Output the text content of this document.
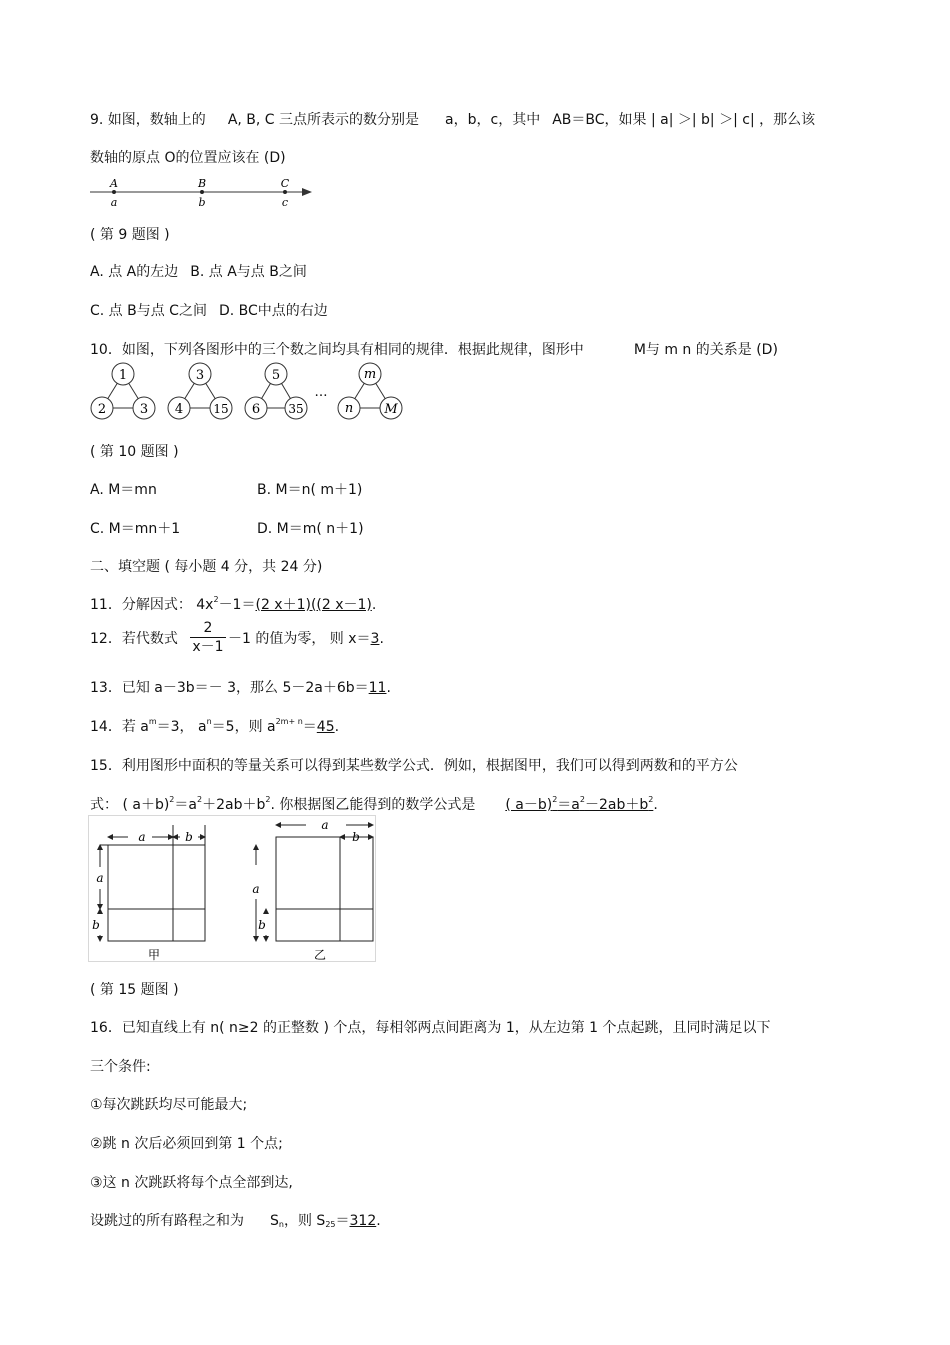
9. 如图，数轴上的 A, B, C 三点所表示的数分别是 a，b，c，其中 AB＝BC，如果 | a| ＞| b| ＞| c| ，那么该
数轴的原点 O的位置应该在 (D)
A	B	C
a	b	c
( 第 9 题图 )
A. 点 A的左边 B. 点 A与点 B之间
C. 点 B与点 C之间 D. BC中点的右边
10．如图，下列各图形中的三个数之间均具有相同的规律．根据此规律，图形中	M与 m n 的关系是 (D)
1
2	3
3
4	15
5
6 35
…
m
n M
( 第 10 题图 )
A. M＝mn	B. M＝n( m＋1)
C. M＝mn＋1	D. M＝m( n＋1)
二、填空题 ( 每小题 4 分，共 24 分)
11．分解因式： $4x^2-1=(2$ x＋1)((2 x－1).
12．若代数式
2
x－1 －1 的值为零， 则 x＝3.
13．已知 a－3b＝－ 3，那么 5－2a＋6b＝11.
14．若 $a^m=3$， $a^n=5$，则 $a^{2m+ n}=45$.
15．利用图形中面积的等量关系可以得到某些数学公式．例如，根据图甲，我们可以得到两数和的平方公
式： ( $a+b)^2=a^2+2ab+b^2$. 你根据图乙能得到的数学公式是 ( $a-b)^2=a^2-2ab+b^2$.
a	b
a
b
甲
a
b
a
b
乙
( 第 15 题图 )
16．已知直线上有 n( n≥2 的正整数 ) 个点，每相邻两点间距离为 1，从左边第 1 个点起跳，且同时满足以下
三个条件:
①每次跳跃均尽可能最大;
②跳 n 次后必须回到第 1 个点;
③这 n 次跳跃将每个点全部到达,
设跳过的所有路程之和为 $S_n$，则 $S_{25}=312$.
